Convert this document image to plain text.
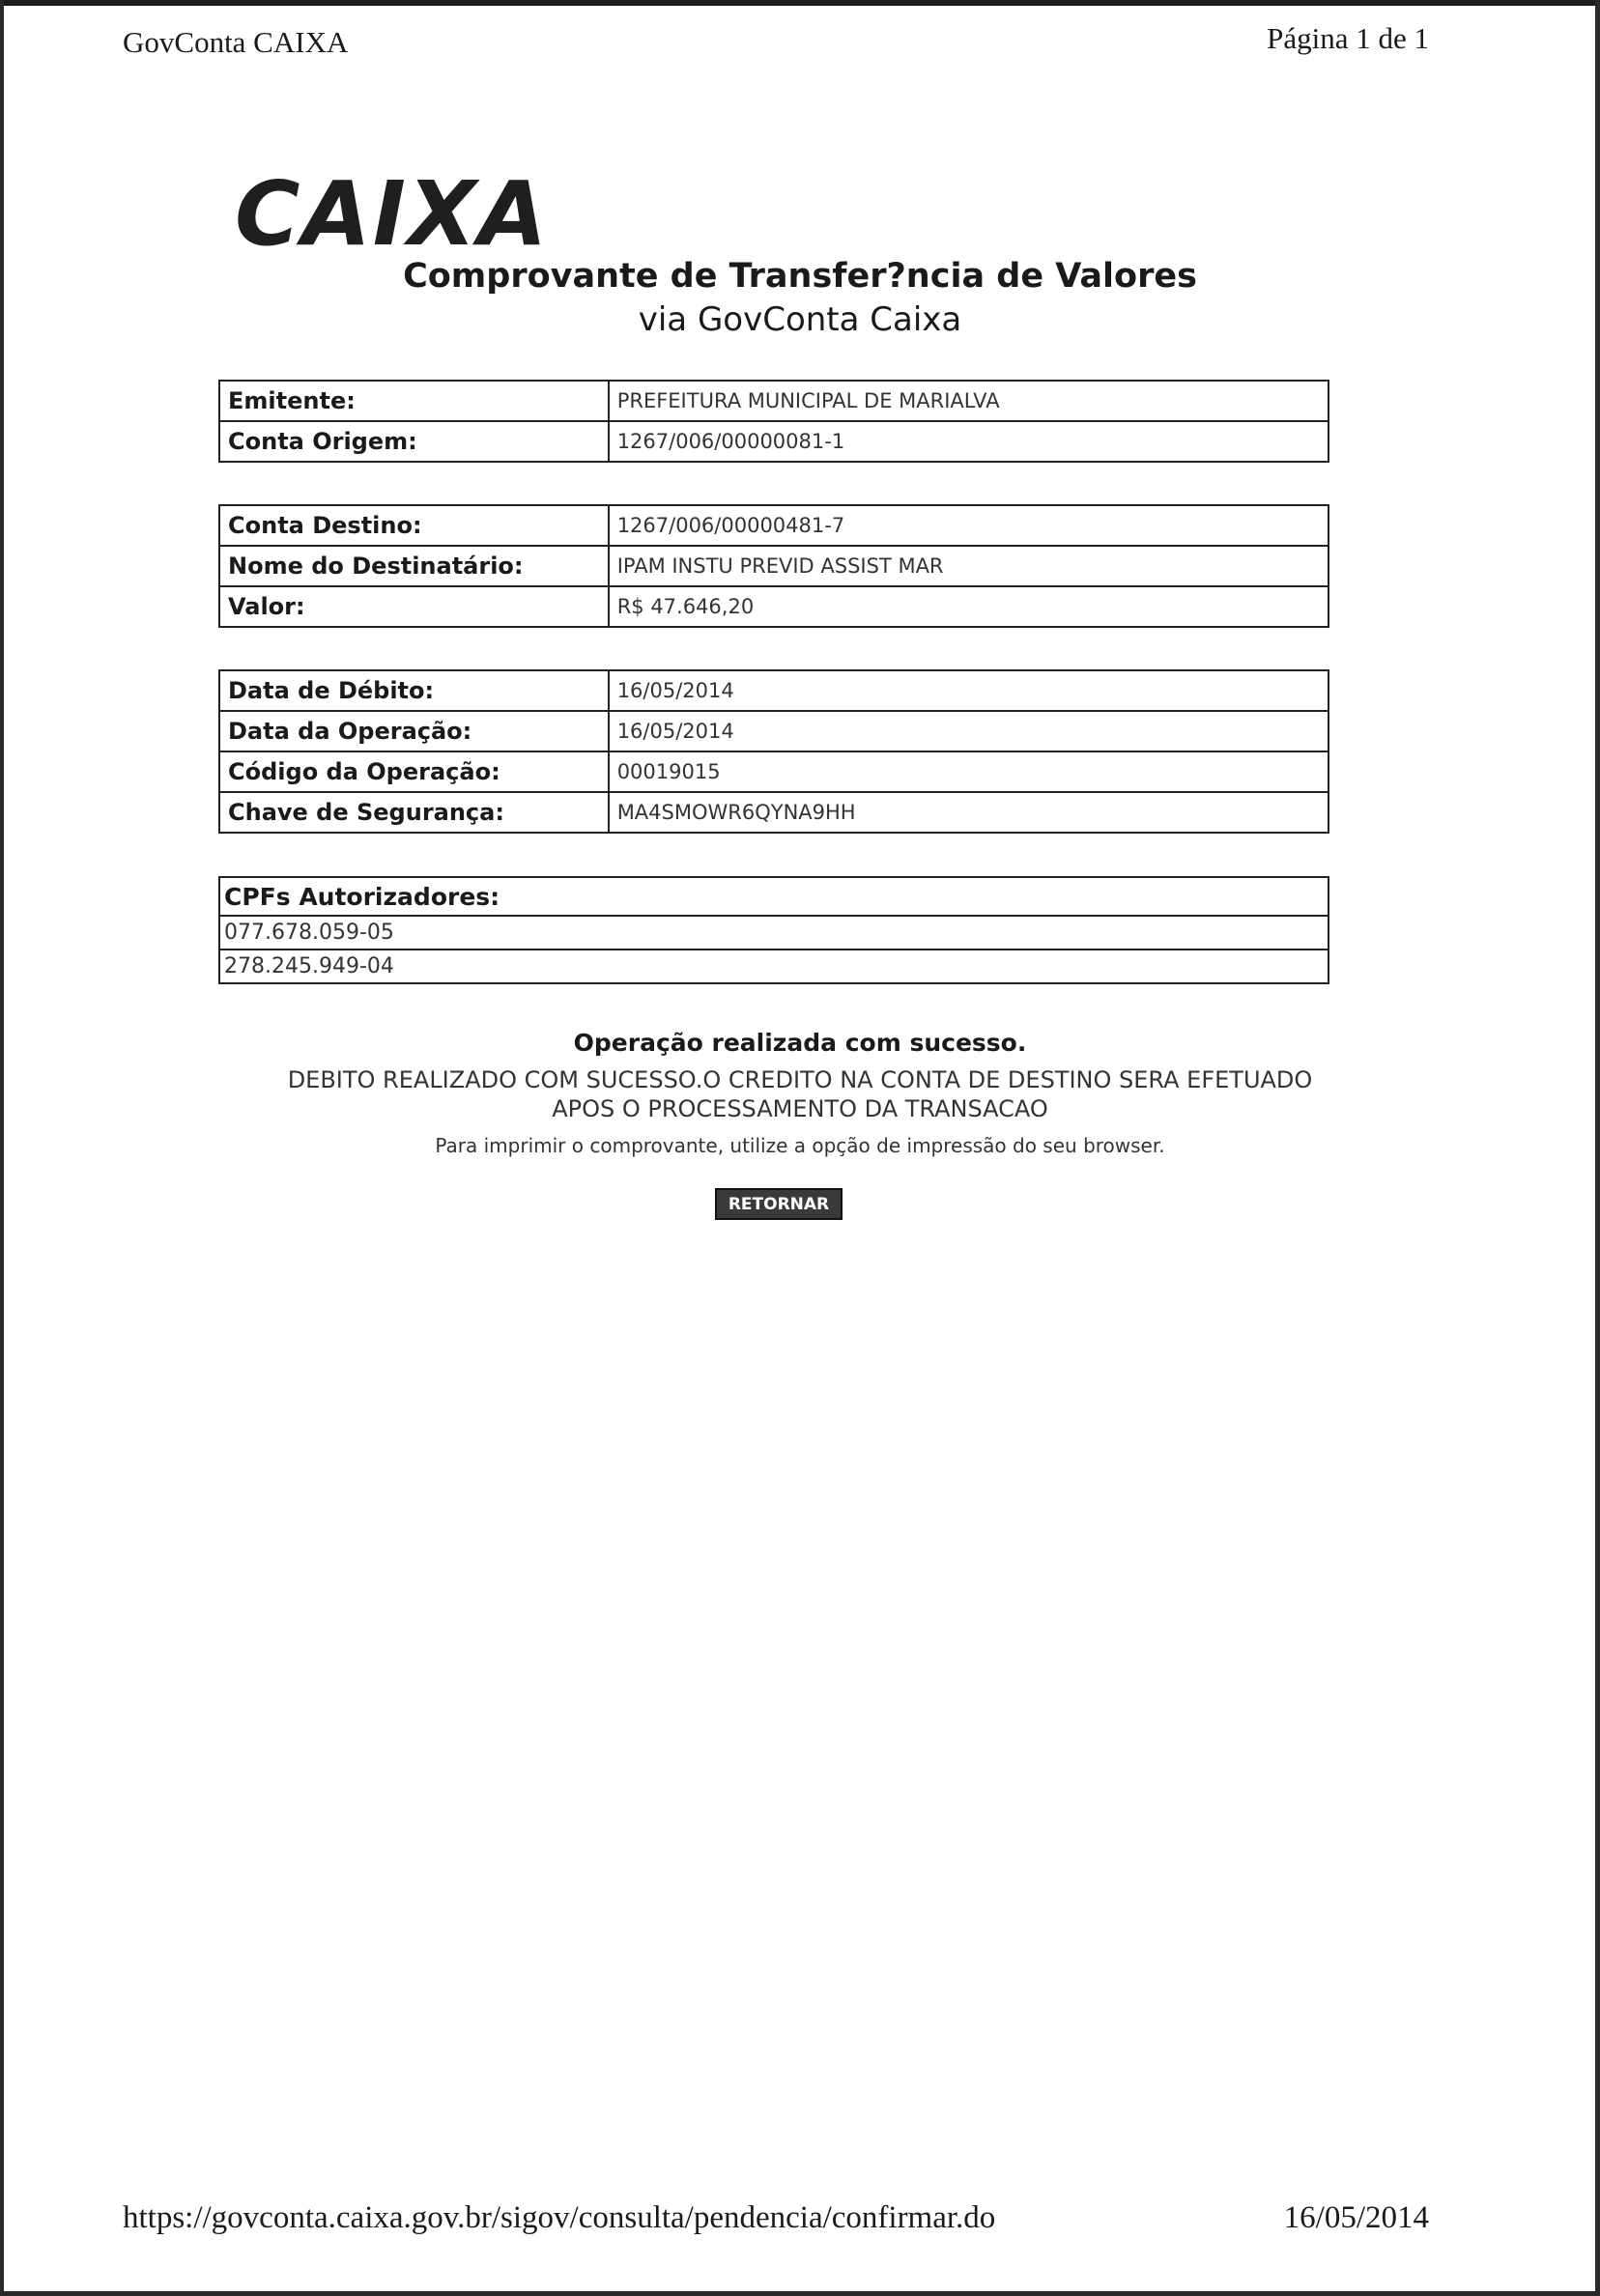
GovConta CAIXA	Página 1 de 1
CAIXA
Comprovante de Transfer?ncia de Valores
via GovConta Caixa
Emitente:	PREFEITURA MUNICIPAL DE MARIALVA
Conta Origem:	1267/006/00000081-1
Conta Destino:	1267/006/00000481-7
Nome do Destinatário:	IPAM INSTU PREVID ASSIST MAR
Valor:	R$ 47.646,20
Data de Débito:	16/05/2014
Data da Operação:	16/05/2014
Código da Operação:	00019015
Chave de Segurança:	MA4SMOWR6QYNA9HH
CPFs Autorizadores:
077.678.059-05
278.245.949-04
Operação realizada com sucesso.
DEBITO REALIZADO COM SUCESSO.O CREDITO NA CONTA DE DESTINO SERA EFETUADO
APOS O PROCESSAMENTO DA TRANSACAO
Para imprimir o comprovante, utilize a opção de impressão do seu browser.
RETORNAR
https://govconta.caixa.gov.br/sigov/consulta/pendencia/confirmar.do	16/05/2014
